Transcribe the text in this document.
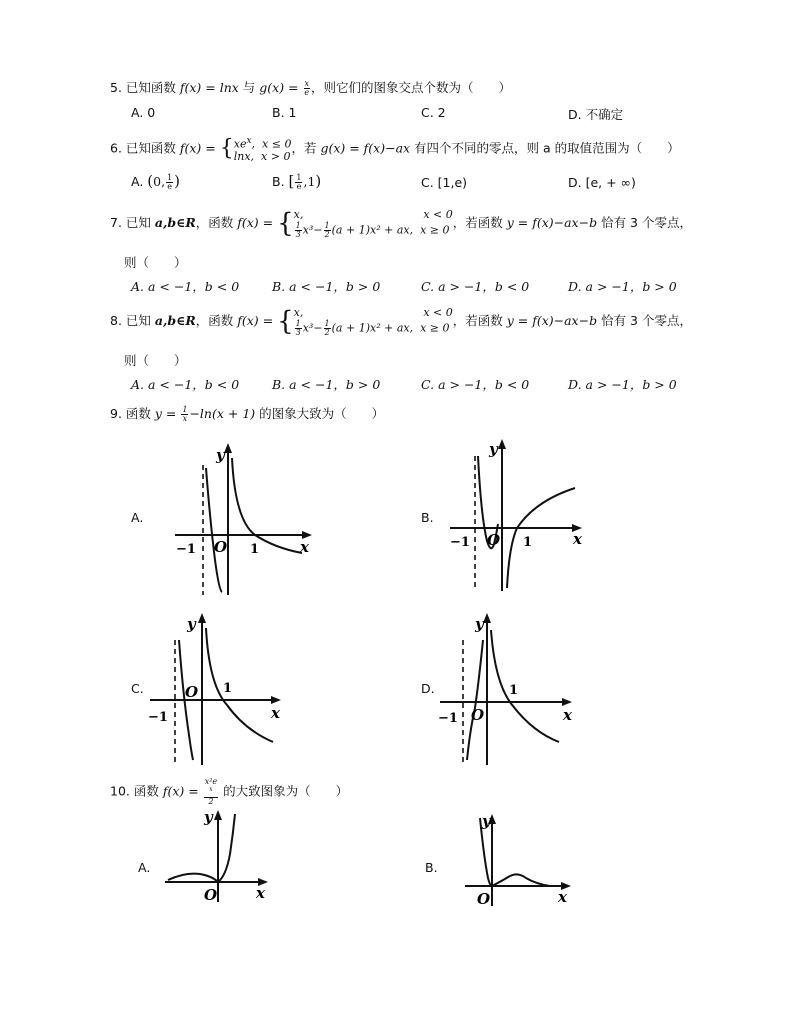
5. 已知函数 f(x) = lnx 与 $g(x) = \frac{x}{e}$ ，则它们的图象交点个数为（　　）
A. 0	B. 1	C. 2	D. 不确定
6. 已知函数 f(x) = { $xe^x$,  x ≤ 0
lnx, x > 0
，若 g(x) = f(x)−ax 有四个不同的零点，则 a 的取值范围为（　　）
A. (0, $\frac{1}{e}$ )	B. [ $\frac{1}{e} ,1$)	C. [1,e)	D. [e, + ∞)
7. 已知 a,b∈R，函数 f(x) = { x,	x < 0
$\frac{1}{3} x^3- \frac{1}{2} (a + 1)x^2$ + ax, x ≥ 0 ，若函数 y = f(x)−ax−b 恰有 3 个零点，
则（　　）
A. a < −1，b < 0	B. a < −1，b > 0	C. a > −1，b < 0	D. a > −1，b > 0
8. 已知 a,b∈R，函数 f(x) = { x,	x < 0
$\frac{1}{3} x^3- \frac{1}{2} (a + 1)x^2$ + ax, x ≥ 0 ，若函数 y = f(x)−ax−b 恰有 3 个零点，
则（　　）
A. a < −1，b < 0	B. a < −1，b > 0	C. a > −1，b < 0	D. a > −1，b > 0
9. 函数 $y = \frac{1}{x} -\ln(x + 1)$ 的图象大致为（　　）
A.
y
x
O
−1	1
B.
y
x
O
−1	1
C.
y
x
O
−1
1	D.
y
x
O
−1
1
10. 函数 f(x) = x²e
$^x$
2 的大致图象为（　　）
A.
y
x
O
B.
y
x
O
